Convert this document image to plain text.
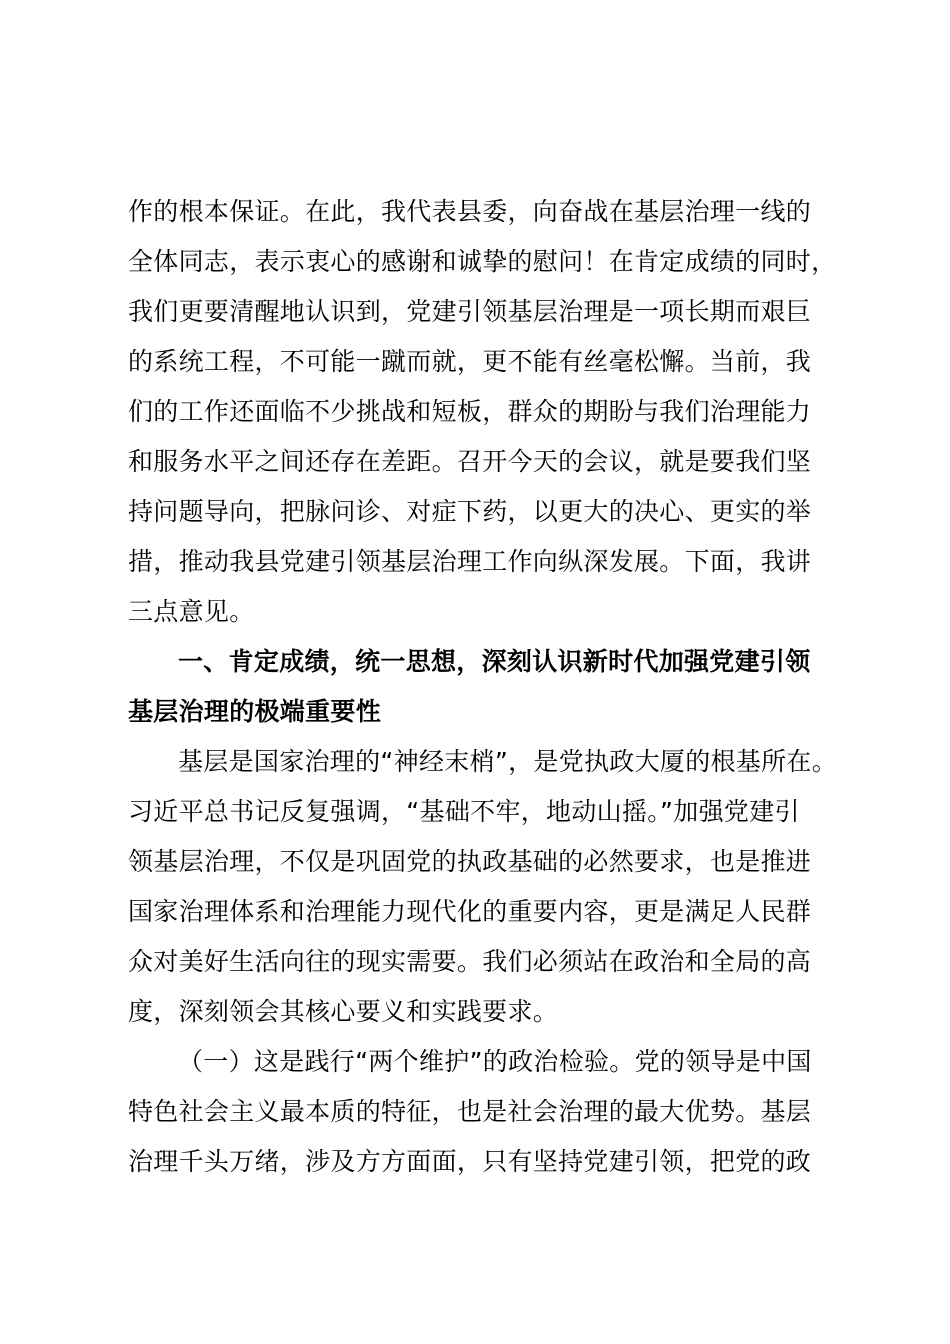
作的根本保证。在此，我代表县委，向奋战在基层治理一线的
全体同志，表示衷心的感谢和诚挚的慰问！在肯定成绩的同时，
我们更要清醒地认识到，党建引领基层治理是一项长期而艰巨
的系统工程，不可能一蹴而就，更不能有丝毫松懈。当前，我
们的工作还面临不少挑战和短板，群众的期盼与我们治理能力
和服务水平之间还存在差距。召开今天的会议，就是要我们坚
持问题导向，把脉问诊、对症下药，以更大的决心、更实的举
措，推动我县党建引领基层治理工作向纵深发展。下面，我讲
三点意见。
一、肯定成绩，统一思想，深刻认识新时代加强党建引领
基层治理的极端重要性
基层是国家治理的“神经末梢”，是党执政大厦的根基所在。
习近平总书记反复强调，“基础不牢，地动山摇。”加强党建引
领基层治理，不仅是巩固党的执政基础的必然要求，也是推进
国家治理体系和治理能力现代化的重要内容，更是满足人民群
众对美好生活向往的现实需要。我们必须站在政治和全局的高
度，深刻领会其核心要义和实践要求。
（一）这是践行“两个维护”的政治检验。党的领导是中国
特色社会主义最本质的特征，也是社会治理的最大优势。基层
治理千头万绪，涉及方方面面，只有坚持党建引领，把党的政
